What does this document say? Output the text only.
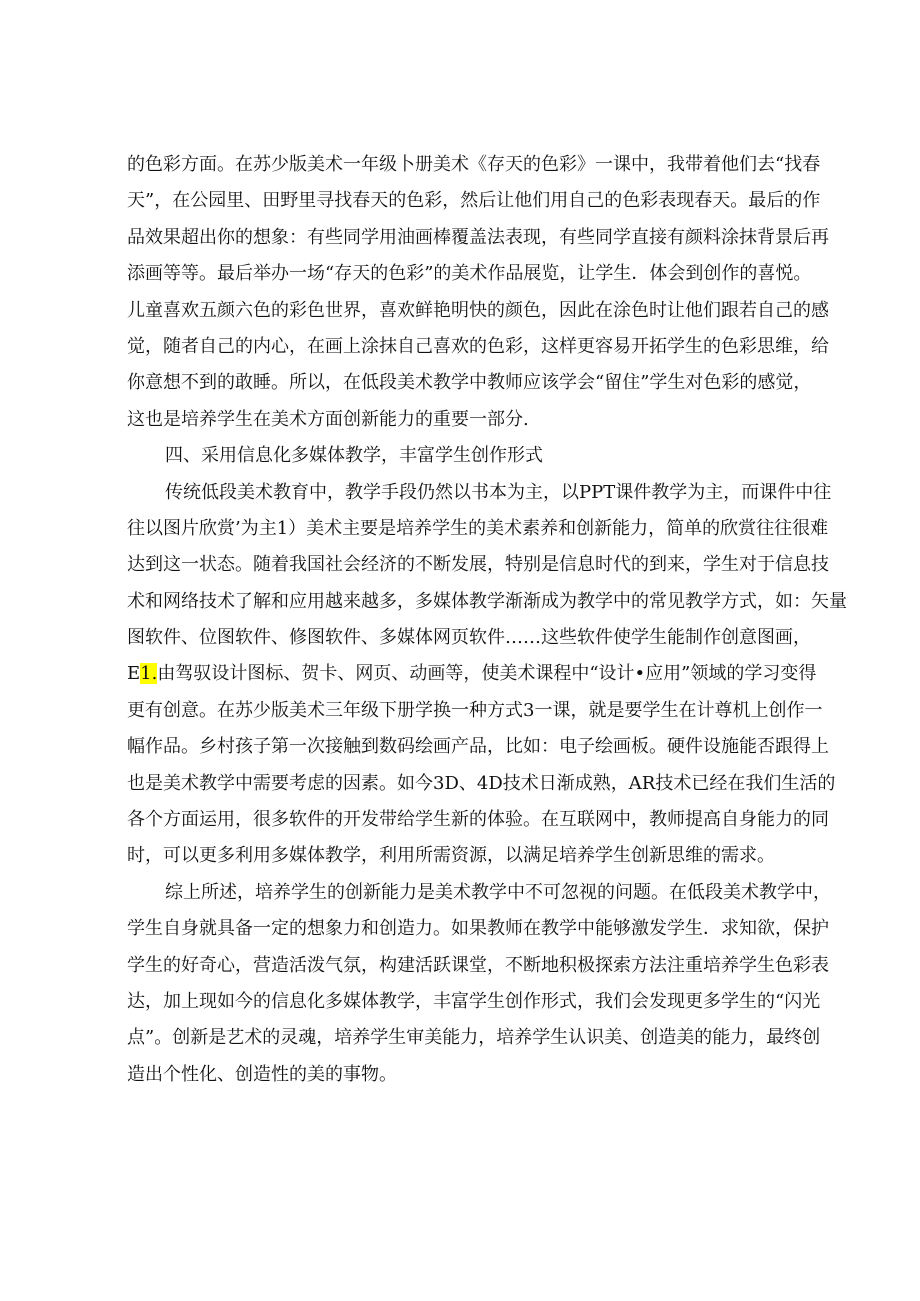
的色彩方面。在苏少版美术一年级卜册美术《存天的色彩》一课中，我带着他们去“找春
天”，在公园里、田野里寻找春天的色彩，然后让他们用自己的色彩表现春天。最后的作
品效果超出你的想象：有些同学用油画棒覆盖法表现，有些同学直接有颜料涂抹背景后再
添画等等。最后举办一场“存天的色彩”的美术作品展览，让学生．体会到创作的喜悦。
儿童喜欢五颜六色的彩色世界，喜欢鲜艳明快的颜色，因此在涂色时让他们跟若自己的感
觉，随者自己的内心，在画上涂抹自己喜欢的色彩，这样更容易开拓学生的色彩思维，给
你意想不到的敢睡。所以，在低段美术教学中教师应该学会“留住”学生对色彩的感觉，
这也是培养学生在美术方面创新能力的重要一部分.
四、采用信息化多媒体教学，丰富学生创作形式
传统低段美术教育中，教学手段仍然以书本为主，以PPT课件教学为主，而课件中往
往以图片欣赏’为主1）美术主要是培养学生的美术素养和创新能力，简单的欣赏往往很难
达到这一状态。随着我国社会经济的不断发展，特别是信息时代的到来，学生对于信息技
术和网络技术了解和应用越来越多，多媒体教学渐渐成为教学中的常见教学方式，如：矢量
图软件、位图软件、修图软件、多媒体网页软件……这些软件使学生能制作创意图画，
E1.由驾驭设计图标、贺卡、网页、动画等，使美术课程中“设计•应用”领域的学习变得
更有创意。在苏少版美术三年级下册学换一种方式3一课，就是要学生在计尊机上创作一
幅作品。乡村孩子第一次接触到数码绘画产品，比如：电子绘画板。硬件设施能否跟得上
也是美术教学中需要考虑的因素。如今3D、4D技术日渐成熟，AR技术已经在我们生活的
各个方面运用，很多软件的开发带给学生新的体验。在互联网中，教师提高自身能力的同
时，可以更多利用多媒体教学，利用所需资源，以满足培养学生创新思维的需求。
综上所述，培养学生的创新能力是美术教学中不可忽视的问题。在低段美术教学中，
学生自身就具备一定的想象力和创造力。如果教师在教学中能够激发学生．求知欲，保护
学生的好奇心，营造活泼气氛，构建活跃课堂，不断地积极探索方法注重培养学生色彩表
达，加上现如今的信息化多媒体教学，丰富学生创作形式，我们会发现更多学生的“闪光
点”。创新是艺术的灵魂，培养学生审美能力，培养学生认识美、创造美的能力，最终创
造出个性化、创造性的美的事物。
